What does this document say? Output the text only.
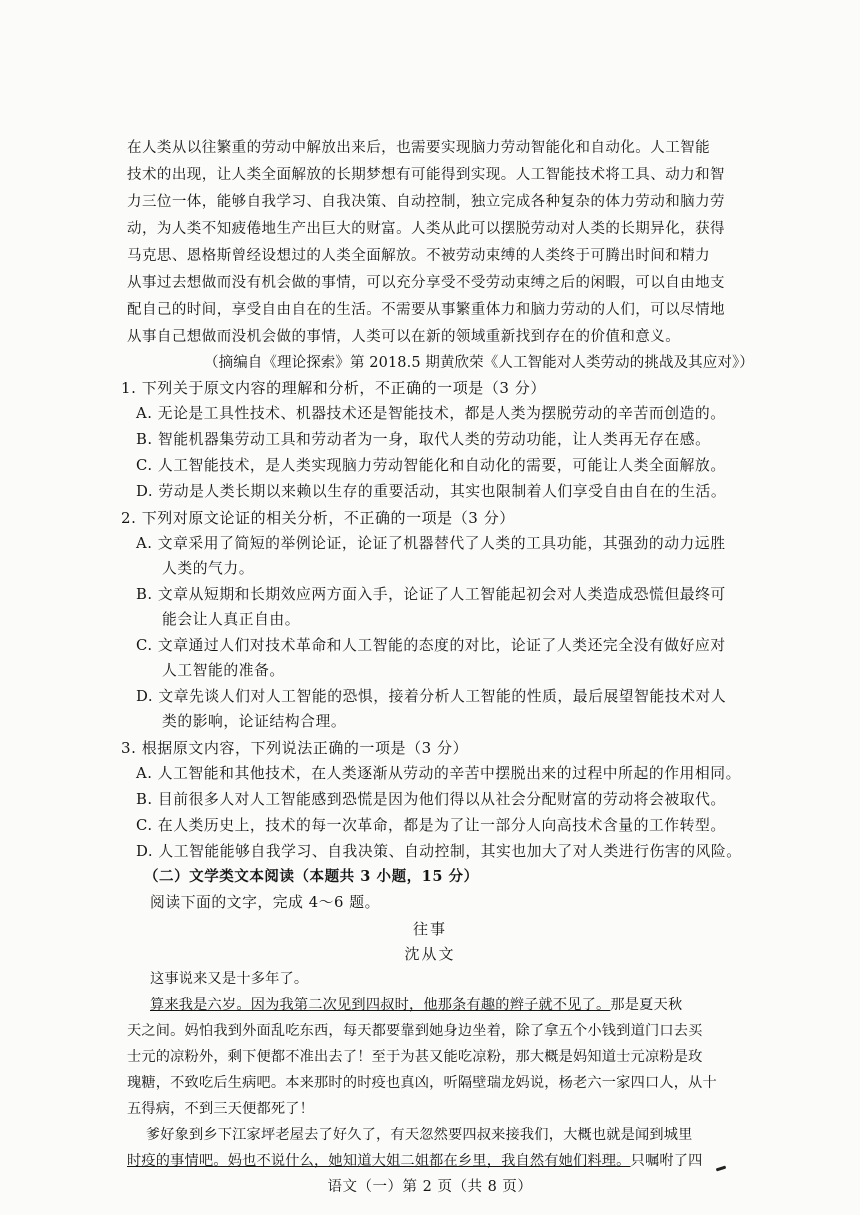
在人类从以往繁重的劳动中解放出来后，也需要实现脑力劳动智能化和自动化。人工智能
技术的出现，让人类全面解放的长期梦想有可能得到实现。人工智能技术将工具、动力和智
力三位一体，能够自我学习、自我决策、自动控制，独立完成各种复杂的体力劳动和脑力劳
动，为人类不知疲倦地生产出巨大的财富。人类从此可以摆脱劳动对人类的长期异化，获得
马克思、恩格斯曾经设想过的人类全面解放。不被劳动束缚的人类终于可腾出时间和精力
从事过去想做而没有机会做的事情，可以充分享受不受劳动束缚之后的闲暇，可以自由地支
配自己的时间，享受自由自在的生活。不需要从事繁重体力和脑力劳动的人们，可以尽情地
从事自己想做而没机会做的事情，人类可以在新的领域重新找到存在的价值和意义。
（摘编自《理论探索》第 2018.5 期黄欣荣《人工智能对人类劳动的挑战及其应对》）
1. 下列关于原文内容的理解和分析，不正确的一项是（3 分）
A. 无论是工具性技术、机器技术还是智能技术，都是人类为摆脱劳动的辛苦而创造的。
B. 智能机器集劳动工具和劳动者为一身，取代人类的劳动功能，让人类再无存在感。
C. 人工智能技术，是人类实现脑力劳动智能化和自动化的需要，可能让人类全面解放。
D. 劳动是人类长期以来赖以生存的重要活动，其实也限制着人们享受自由自在的生活。
2. 下列对原文论证的相关分析，不正确的一项是（3 分）
A. 文章采用了简短的举例论证，论证了机器替代了人类的工具功能，其强劲的动力远胜
人类的气力。
B. 文章从短期和长期效应两方面入手，论证了人工智能起初会对人类造成恐慌但最终可
能会让人真正自由。
C. 文章通过人们对技术革命和人工智能的态度的对比，论证了人类还完全没有做好应对
人工智能的准备。
D. 文章先谈人们对人工智能的恐惧，接着分析人工智能的性质，最后展望智能技术对人
类的影响，论证结构合理。
3. 根据原文内容，下列说法正确的一项是（3 分）
A. 人工智能和其他技术，在人类逐渐从劳动的辛苦中摆脱出来的过程中所起的作用相同。
B. 目前很多人对人工智能感到恐慌是因为他们得以从社会分配财富的劳动将会被取代。
C. 在人类历史上，技术的每一次革命，都是为了让一部分人向高技术含量的工作转型。
D. 人工智能能够自我学习、自我决策、自动控制，其实也加大了对人类进行伤害的风险。
（二）文学类文本阅读（本题共 3 小题，15 分）
阅读下面的文字，完成 4～6 题。
往事
沈从文
这事说来又是十多年了。
算来我是六岁。因为我第二次见到四叔时，他那条有趣的辫子就不见了。那是夏天秋
天之间。妈怕我到外面乱吃东西，每天都要靠到她身边坐着，除了拿五个小钱到道门口去买
士元的凉粉外，剩下便都不准出去了！至于为甚又能吃凉粉，那大概是妈知道士元凉粉是玫
瑰糖，不致吃后生病吧。本来那时的时疫也真凶，听隔壁瑞龙妈说，杨老六一家四口人，从十
五得病，不到三天便都死了！
爹好象到乡下江家坪老屋去了好久了，有天忽然要四叔来接我们，大概也就是闻到城里
时疫的事情吧。妈也不说什么，她知道大姐二姐都在乡里，我自然有她们料理。只嘱咐了四
语文（一）第 2 页（共 8 页）
